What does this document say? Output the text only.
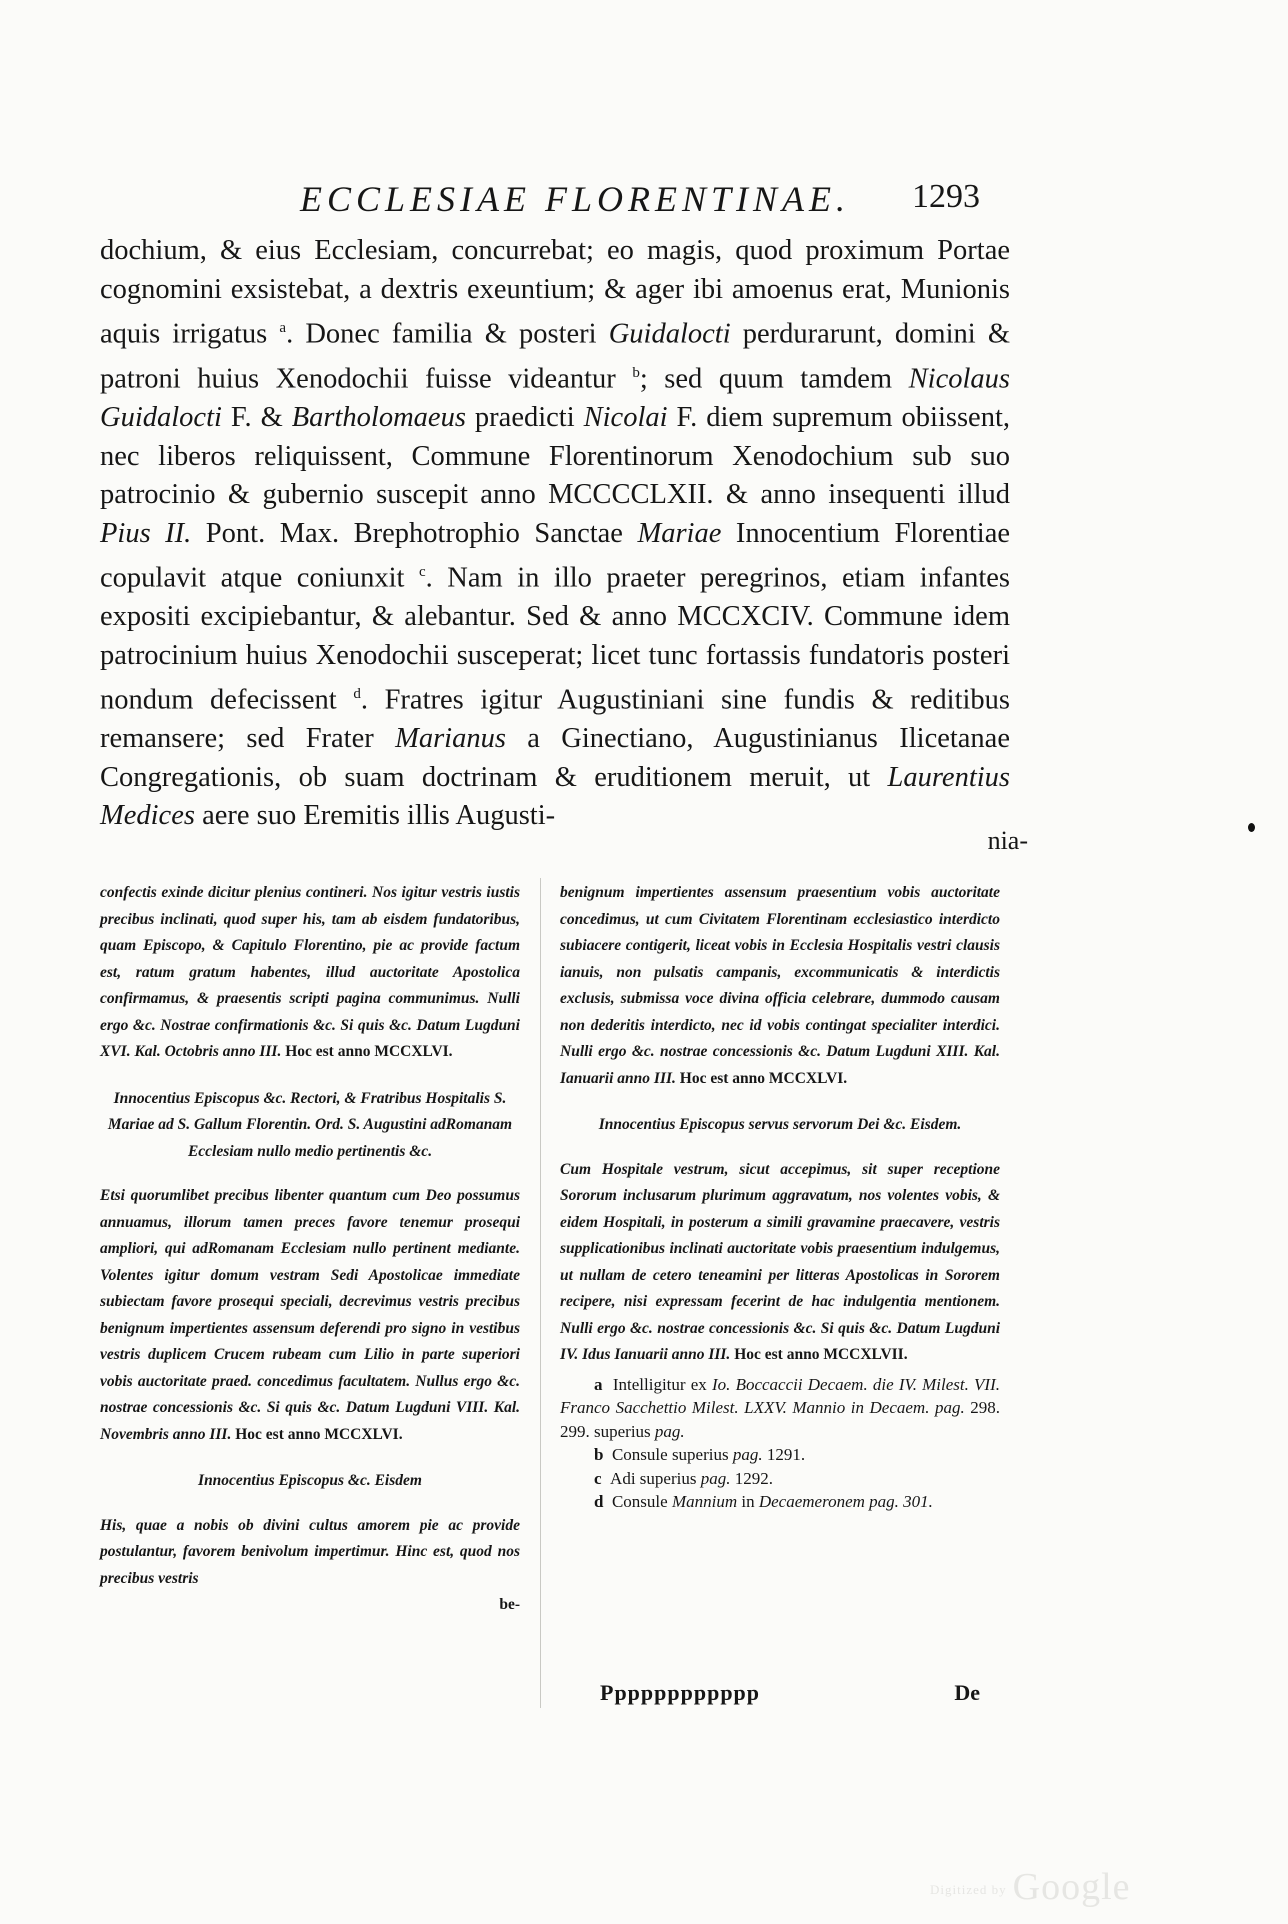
ECCLESIAE FLORENTINAE. 1293

dochium, & eius Ecclesiam, concurrebat; eo magis, quod proximum Portae cognomini exsistebat, a dextris exeuntium; & ager ibi amoenus erat, Munionis aquis irrigatus $^a$. Donec familia & posteri Guidalocti perdurarunt, domini & patroni huius Xenodochii fuisse videantur $^b$; sed quum tamdem Nicolaus Guidalocti F. & Bartholomaeus praedicti Nicolai F. diem supremum obiissent, nec liberos reliquissent, Commune Florentinorum Xenodochium sub suo patrocinio & gubernio suscepit anno MCCCCLXII. & anno insequenti illud Pius II. Pont. Max. Brephotrophio Sanctae Mariae Innocentium Florentiae copulavit atque coniunxit $^c$. Nam in illo praeter peregrinos, etiam infantes expositi excipiebantur, & alebantur. Sed & anno MCCXCIV. Commune idem patrocinium huius Xenodochii susceperat; licet tunc fortassis fundatoris posteri nondum defecissent $^d$. Fratres igitur Augustiniani sine fundis & reditibus remansere; sed Frater Marianus a Ginectiano, Augustinianus Ilicetanae Congregationis, ob suam doctrinam & eruditionem meruit, ut Laurentius Medices aere suo Eremitis illis Augusti-

nia-

confectis exinde dicitur plenius contineri. Nos igitur vestris iustis precibus inclinati, quod super his, tam ab eisdem fundatoribus, quam Episcopo, & Capitulo Florentino, pie ac provide factum est, ratum gratum habentes, illud auctoritate Apostolica confirmamus, & praesentis scripti pagina communimus. Nulli ergo &c. Nostrae confirmationis &c. Si quis &c. Datum Lugduni XVI. Kal. Octobris anno III. Hoc est anno MCCXLVI.

Innocentius Episcopus &c. Rectori, & Fratribus Hospitalis S. Mariae ad S. Gallum Florentin. Ord. S. Augustini adRomanam Ecclesiam nullo medio pertinentis &c.

Etsi quorumlibet precibus libenter quantum cum Deo possumus annuamus, illorum tamen preces favore tenemur prosequi ampliori, qui adRomanam Ecclesiam nullo pertinent mediante. Volentes igitur domum vestram Sedi Apostolicae immediate subiectam favore prosequi speciali, decrevimus vestris precibus benignum impertientes assensum deferendi pro signo in vestibus vestris duplicem Crucem rubeam cum Lilio in parte superiori vobis auctoritate praed. concedimus facultatem. Nullus ergo &c. nostrae concessionis &c. Si quis &c. Datum Lugduni VIII. Kal. Novembris anno III. Hoc est anno MCCXLVI.

Innocentius Episcopus &c. Eisdem

His, quae a nobis ob divini cultus amorem pie ac provide postulantur, favorem benivolum impertimur. Hinc est, quod nos precibus vestris

be-

benignum impertientes assensum praesentium vobis auctoritate concedimus, ut cum Civitatem Florentinam ecclesiastico interdicto subiacere contigerit, liceat vobis in Ecclesia Hospitalis vestri clausis ianuis, non pulsatis campanis, excommunicatis & interdictis exclusis, submissa voce divina officia celebrare, dummodo causam non dederitis interdicto, nec id vobis contingat specialiter interdici. Nulli ergo &c. nostrae concessionis &c. Datum Lugduni XIII. Kal. Ianuarii anno III. Hoc est anno MCCXLVI.

Innocentius Episcopus servus servorum Dei &c. Eisdem.

Cum Hospitale vestrum, sicut accepimus, sit super receptione Sororum inclusarum plurimum aggravatum, nos volentes vobis, & eidem Hospitali, in posterum a simili gravamine praecavere, vestris supplicationibus inclinati auctoritate vobis praesentium indulgemus, ut nullam de cetero teneamini per litteras Apostolicas in Sororem recipere, nisi expressam fecerint de hac indulgentia mentionem. Nulli ergo &c. nostrae concessionis &c. Si quis &c. Datum Lugduni IV. Idus Ianuarii anno III. Hoc est anno MCCXLVII.

a  Intelligitur ex Io. Boccaccii Decaem. die IV. Milest. VII. Franco Sacchettio Milest. LXXV. Mannio in Decaem. pag. 298. 299. superius pag.

b  Consule superius pag. 1291.

c  Adi superius pag. 1292.

d  Consule Mannium in Decaemeronem pag. 301.

Pppppppppppp	De
Digitized by Google
